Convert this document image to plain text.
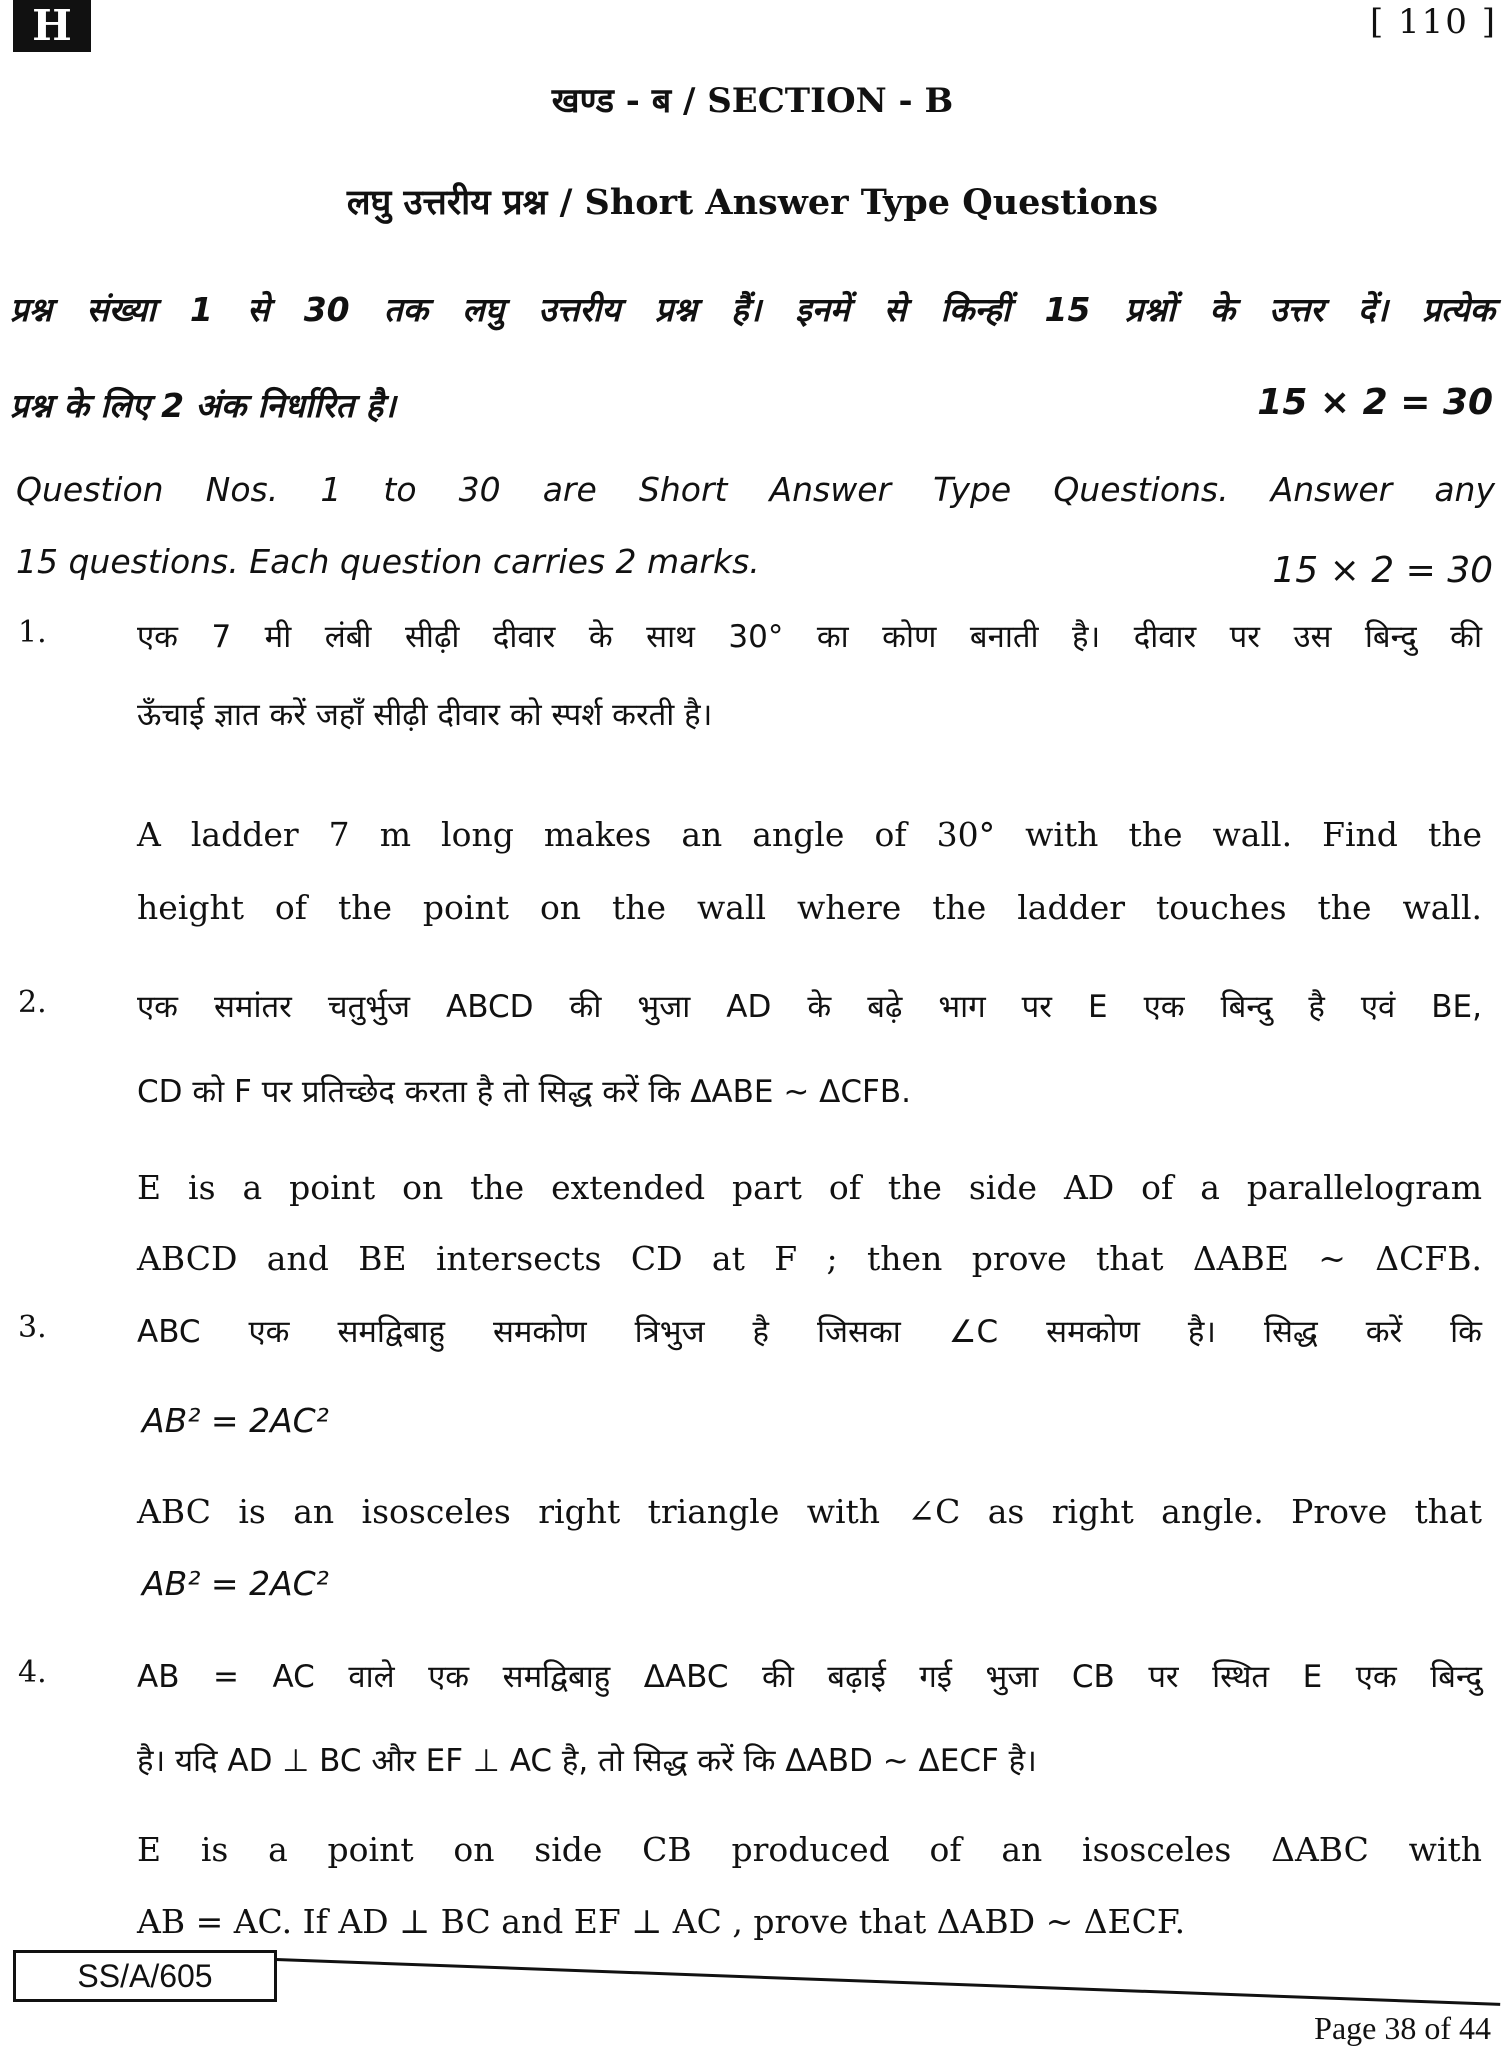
H	[ 110 ]
खण्ड - ब / SECTION - B
लघु उत्तरीय प्रश्न / Short Answer Type Questions
प्रश्न संख्या 1 से 30 तक लघु उत्तरीय प्रश्न हैं। इनमें से किन्हीं 15 प्रश्नों के उत्तर दें। प्रत्येक
प्रश्न के लिए 2 अंक निर्धारित है।	15 × 2 = 30
Question Nos. 1 to 30 are Short Answer Type Questions. Answer any
15 questions. Each question carries 2 marks.	15 × 2 = 30
1.	एक 7 मी लंबी सीढ़ी दीवार के साथ 30° का कोण बनाती है। दीवार पर उस बिन्दु की
ऊँचाई ज्ञात करें जहाँ सीढ़ी दीवार को स्पर्श करती है।
A ladder 7 m long makes an angle of 30° with the wall. Find the
height of the point on the wall where the ladder touches the wall.
2.	एक समांतर चतुर्भुज ABCD की भुजा AD के बढ़े भाग पर E एक बिन्दु है एवं BE,
CD को F पर प्रतिच्छेद करता है तो सिद्ध करें कि ΔABE ~ ΔCFB.
E is a point on the extended part of the side AD of a parallelogram
ABCD and BE intersects CD at F ; then prove that ΔABE ~ ΔCFB.
3.	ABC एक समद्विबाहु समकोण त्रिभुज है जिसका ∠C समकोण है। सिद्ध करें कि
AB² = 2AC²
ABC is an isosceles right triangle with ∠C as right angle. Prove that
AB² = 2AC²
4.	AB = AC वाले एक समद्विबाहु ΔABC की बढ़ाई गई भुजा CB पर स्थित E एक बिन्दु
है। यदि AD ⊥ BC और EF ⊥ AC है, तो सिद्ध करें कि ΔABD ~ ΔECF है।
E is a point on side CB produced of an isosceles ΔABC with
AB = AC. If AD ⊥ BC and EF ⊥ AC , prove that ΔABD ~ ΔECF.
SS/A/605
Page 38 of 44
